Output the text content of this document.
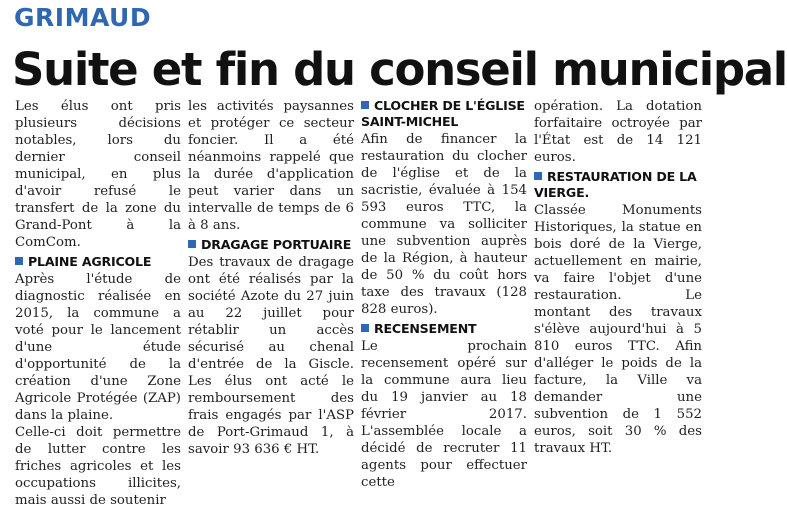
GRIMAUD
Suite et fin du conseil municipal

Les élus ont pris plusieurs décisions notables, lors du dernier conseil municipal, en plus d'avoir refusé le transfert de la zone du Grand-Pont à la ComCom.

PLAINE AGRICOLE

Après l'étude de diagnostic réalisée en 2015, la commune a voté pour le lancement d'une étude d'opportunité de la création d'une Zone Agricole Protégée (ZAP) dans la plaine.

Celle-ci doit permettre de lutter contre les friches agricoles et les occupations illicites, mais aussi de soutenir

les activités paysannes et protéger ce secteur foncier. Il a été néanmoins rappelé que la durée d'application peut varier dans un intervalle de temps de 6 à 8 ans.

DRAGAGE PORTUAIRE

Des travaux de dragage ont été réalisés par la société Azote du 27 juin au 22 juillet pour rétablir un accès sécurisé au chenal d'entrée de la Giscle. Les élus ont acté le remboursement des frais engagés par l'ASP de Port-Grimaud 1, à savoir 93 636 € HT.

CLOCHER DE L'ÉGLISE SAINT-MICHEL

Afin de financer la restauration du clocher de l'église et de la sacristie, évaluée à 154 593 euros TTC, la commune va solliciter une subvention auprès de la Région, à hauteur de 50 % du coût hors taxe des travaux (128 828 euros).

RECENSEMENT

Le prochain recensement opéré sur la commune aura lieu du 19 janvier au 18 février 2017. L'assemblée locale a décidé de recruter 11 agents pour effectuer cette

opération. La dotation forfaitaire octroyée par l'État est de 14 121 euros.

RESTAURATION DE LA VIERGE.

Classée Monuments Historiques, la statue en bois doré de la Vierge, actuellement en mairie, va faire l'objet d'une restauration. Le montant des travaux s'élève aujourd'hui à 5 810 euros TTC. Afin d'alléger le poids de la facture, la Ville va demander une subvention de 1 552 euros, soit 30 % des travaux HT.
